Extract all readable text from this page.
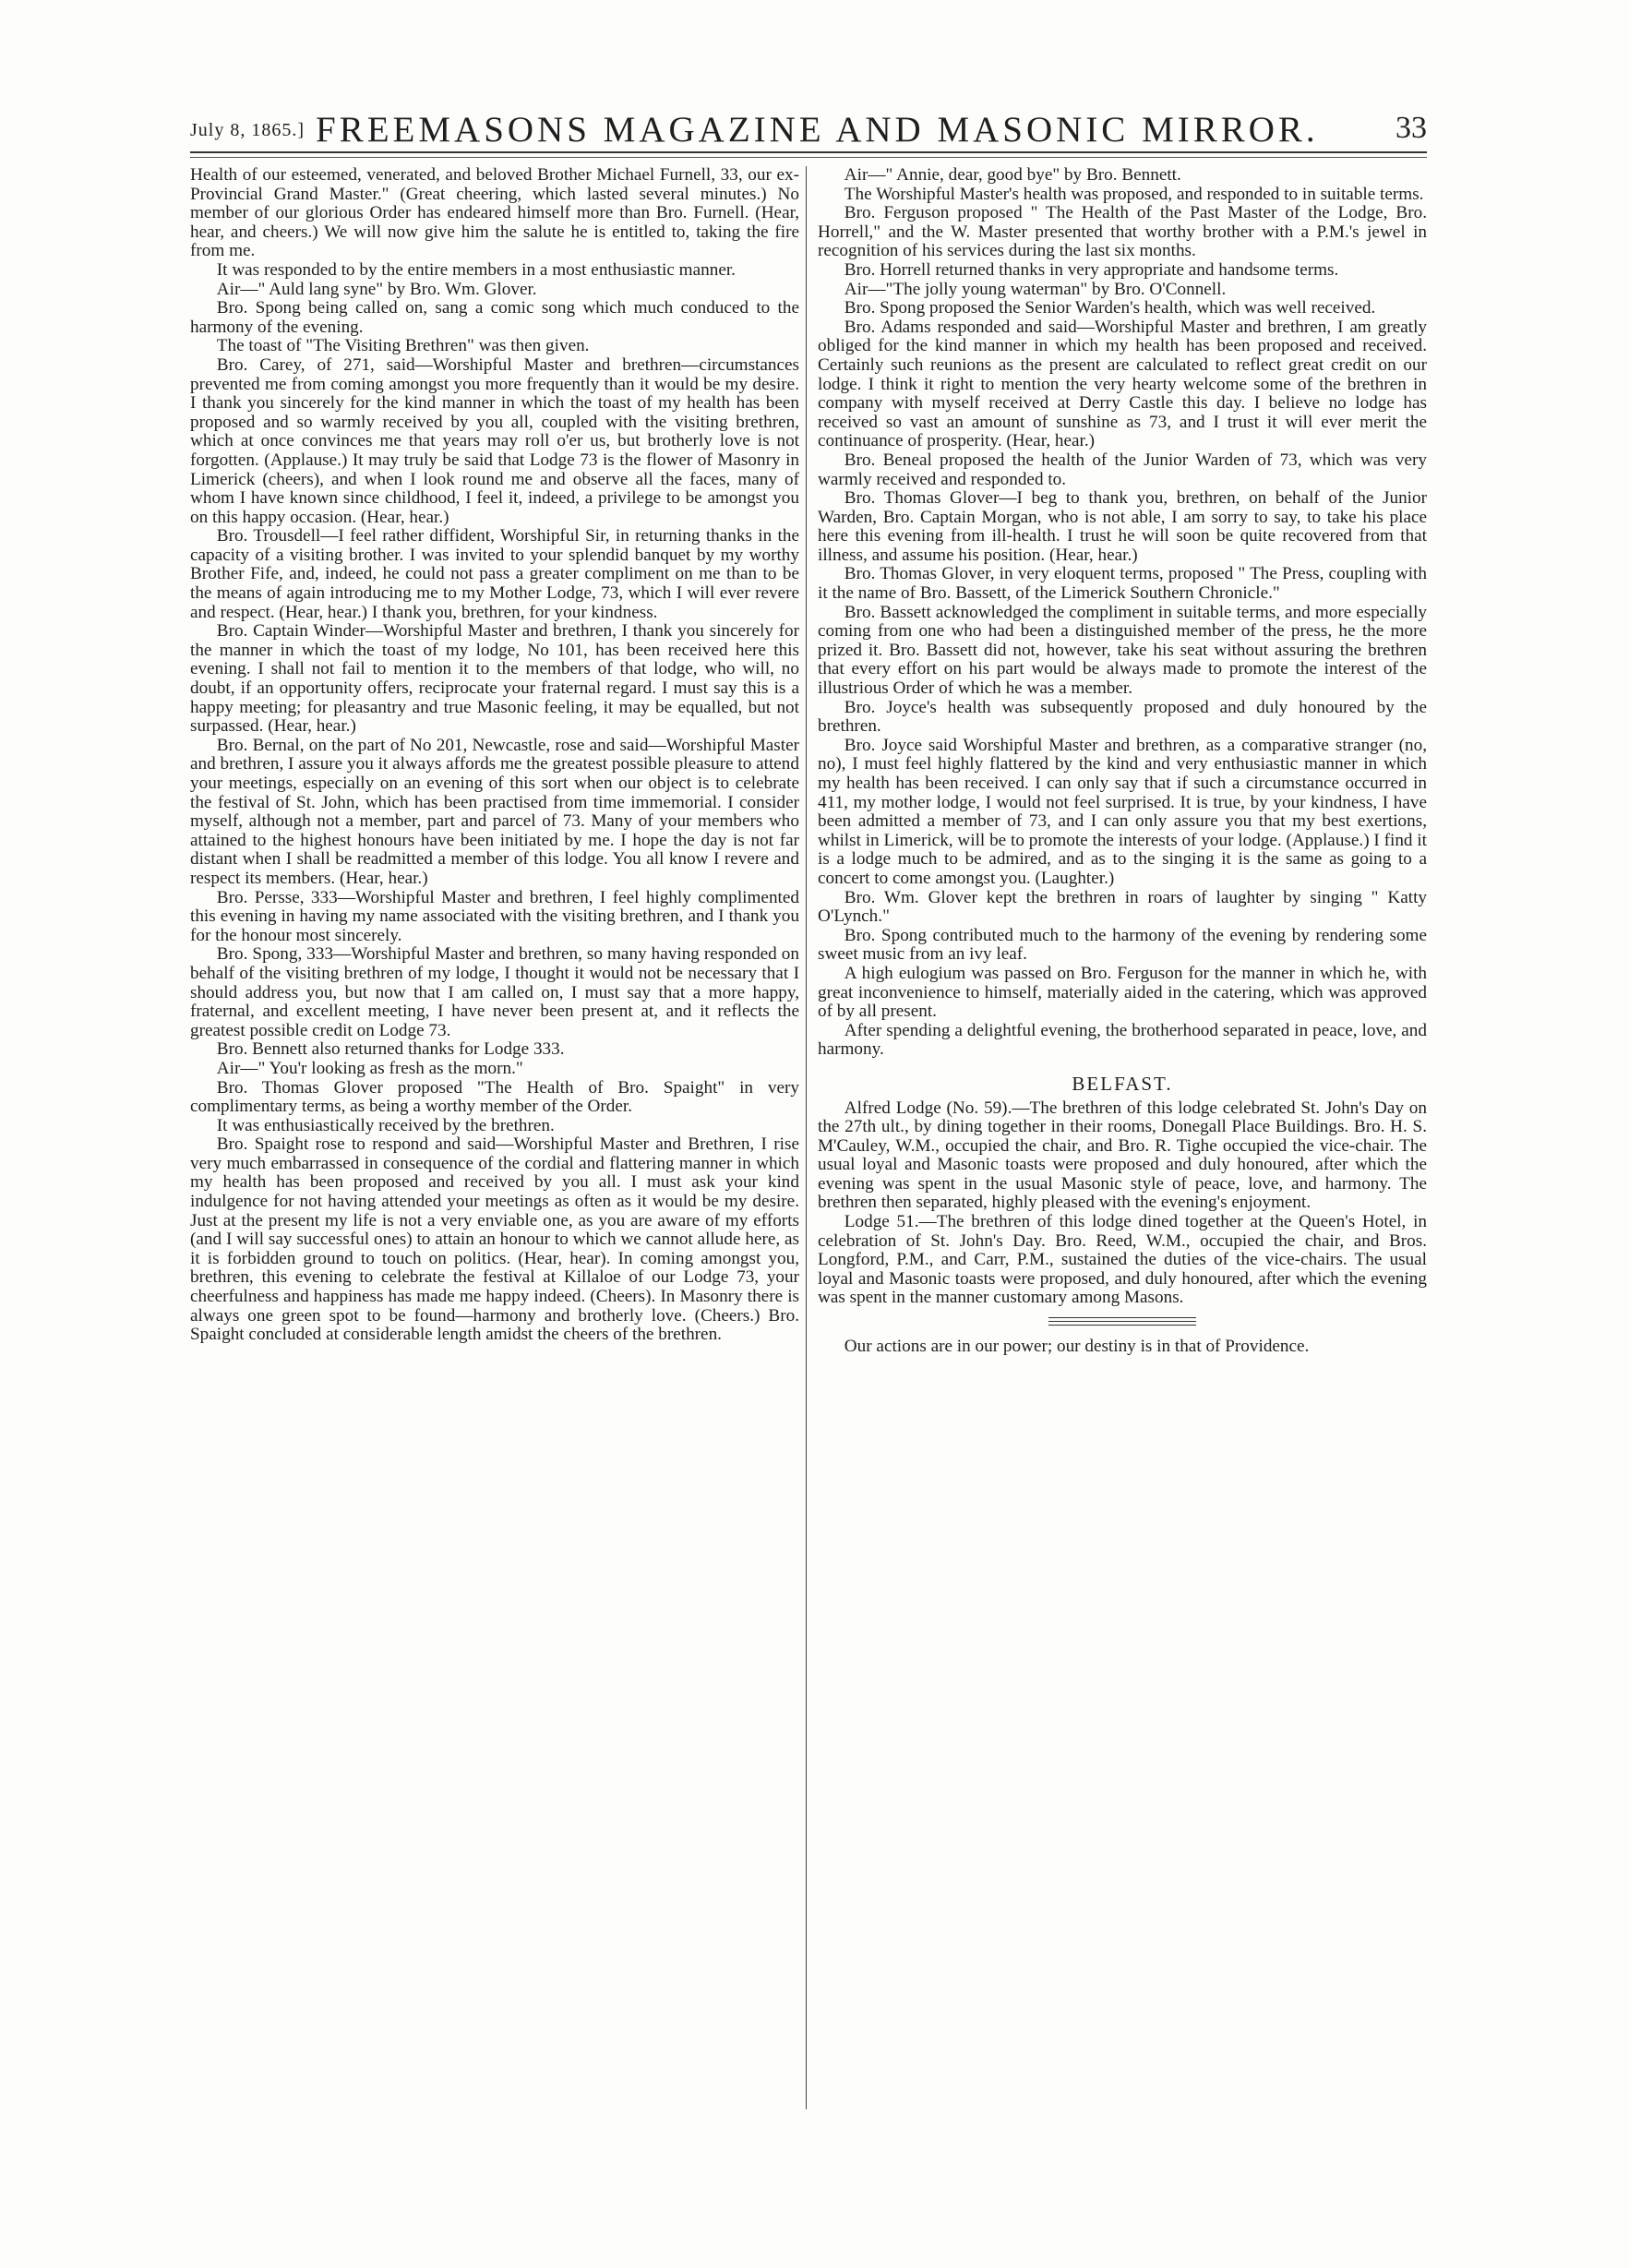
July 8, 1865.] FREEMASONS MAGAZINE AND MASONIC MIRROR. 33

Health of our esteemed, venerated, and beloved Brother Michael Furnell, 33, our ex-Provincial Grand Master." (Great cheering, which lasted several minutes.) No member of our glorious Order has endeared himself more than Bro. Furnell. (Hear, hear, and cheers.) We will now give him the salute he is entitled to, taking the fire from me.

It was responded to by the entire members in a most enthusiastic manner.

Air—" Auld lang syne" by Bro. Wm. Glover.

Bro. Spong being called on, sang a comic song which much conduced to the harmony of the evening.

The toast of "The Visiting Brethren" was then given.

Bro. Carey, of 271, said—Worshipful Master and brethren—circumstances prevented me from coming amongst you more frequently than it would be my desire. I thank you sincerely for the kind manner in which the toast of my health has been proposed and so warmly received by you all, coupled with the visiting brethren, which at once convinces me that years may roll o'er us, but brotherly love is not forgotten. (Applause.) It may truly be said that Lodge 73 is the flower of Masonry in Limerick (cheers), and when I look round me and observe all the faces, many of whom I have known since childhood, I feel it, indeed, a privilege to be amongst you on this happy occasion. (Hear, hear.)

Bro. Trousdell—I feel rather diffident, Worshipful Sir, in returning thanks in the capacity of a visiting brother. I was invited to your splendid banquet by my worthy Brother Fife, and, indeed, he could not pass a greater compliment on me than to be the means of again introducing me to my Mother Lodge, 73, which I will ever revere and respect. (Hear, hear.) I thank you, brethren, for your kindness.

Bro. Captain Winder—Worshipful Master and brethren, I thank you sincerely for the manner in which the toast of my lodge, No 101, has been received here this evening. I shall not fail to mention it to the members of that lodge, who will, no doubt, if an opportunity offers, reciprocate your fraternal regard. I must say this is a happy meeting; for pleasantry and true Masonic feeling, it may be equalled, but not surpassed. (Hear, hear.)

Bro. Bernal, on the part of No 201, Newcastle, rose and said—Worshipful Master and brethren, I assure you it always affords me the greatest possible pleasure to attend your meetings, especially on an evening of this sort when our object is to celebrate the festival of St. John, which has been practised from time immemorial. I consider myself, although not a member, part and parcel of 73. Many of your members who attained to the highest honours have been initiated by me. I hope the day is not far distant when I shall be readmitted a member of this lodge. You all know I revere and respect its members. (Hear, hear.)

Bro. Persse, 333—Worshipful Master and brethren, I feel highly complimented this evening in having my name associated with the visiting brethren, and I thank you for the honour most sincerely.

Bro. Spong, 333—Worshipful Master and brethren, so many having responded on behalf of the visiting brethren of my lodge, I thought it would not be necessary that I should address you, but now that I am called on, I must say that a more happy, fraternal, and excellent meeting, I have never been present at, and it reflects the greatest possible credit on Lodge 73.

Bro. Bennett also returned thanks for Lodge 333.

Air—" You'r looking as fresh as the morn."

Bro. Thomas Glover proposed "The Health of Bro. Spaight" in very complimentary terms, as being a worthy member of the Order.

It was enthusiastically received by the brethren.

Bro. Spaight rose to respond and said—Worshipful Master and Brethren, I rise very much embarrassed in consequence of the cordial and flattering manner in which my health has been proposed and received by you all. I must ask your kind indulgence for not having attended your meetings as often as it would be my desire. Just at the present my life is not a very enviable one, as you are aware of my efforts (and I will say successful ones) to attain an honour to which we cannot allude here, as it is forbidden ground to touch on politics. (Hear, hear). In coming amongst you, brethren, this evening to celebrate the festival at Killaloe of our Lodge 73, your cheerfulness and happiness has made me happy indeed. (Cheers). In Masonry there is always one green spot to be found—harmony and brotherly love. (Cheers.) Bro. Spaight concluded at considerable length amidst the cheers of the brethren.

Air—" Annie, dear, good bye" by Bro. Bennett.

The Worshipful Master's health was proposed, and responded to in suitable terms.

Bro. Ferguson proposed " The Health of the Past Master of the Lodge, Bro. Horrell," and the W. Master presented that worthy brother with a P.M.'s jewel in recognition of his services during the last six months.

Bro. Horrell returned thanks in very appropriate and handsome terms.

Air—"The jolly young waterman" by Bro. O'Connell.

Bro. Spong proposed the Senior Warden's health, which was well received.

Bro. Adams responded and said—Worshipful Master and brethren, I am greatly obliged for the kind manner in which my health has been proposed and received. Certainly such reunions as the present are calculated to reflect great credit on our lodge. I think it right to mention the very hearty welcome some of the brethren in company with myself received at Derry Castle this day. I believe no lodge has received so vast an amount of sunshine as 73, and I trust it will ever merit the continuance of prosperity. (Hear, hear.)

Bro. Beneal proposed the health of the Junior Warden of 73, which was very warmly received and responded to.

Bro. Thomas Glover—I beg to thank you, brethren, on behalf of the Junior Warden, Bro. Captain Morgan, who is not able, I am sorry to say, to take his place here this evening from ill-health. I trust he will soon be quite recovered from that illness, and assume his position. (Hear, hear.)

Bro. Thomas Glover, in very eloquent terms, proposed " The Press, coupling with it the name of Bro. Bassett, of the Limerick Southern Chronicle."

Bro. Bassett acknowledged the compliment in suitable terms, and more especially coming from one who had been a distinguished member of the press, he the more prized it. Bro. Bassett did not, however, take his seat without assuring the brethren that every effort on his part would be always made to promote the interest of the illustrious Order of which he was a member.

Bro. Joyce's health was subsequently proposed and duly honoured by the brethren.

Bro. Joyce said Worshipful Master and brethren, as a comparative stranger (no, no), I must feel highly flattered by the kind and very enthusiastic manner in which my health has been received. I can only say that if such a circumstance occurred in 411, my mother lodge, I would not feel surprised. It is true, by your kindness, I have been admitted a member of 73, and I can only assure you that my best exertions, whilst in Limerick, will be to promote the interests of your lodge. (Applause.) I find it is a lodge much to be admired, and as to the singing it is the same as going to a concert to come amongst you. (Laughter.)

Bro. Wm. Glover kept the brethren in roars of laughter by singing " Katty O'Lynch."

Bro. Spong contributed much to the harmony of the evening by rendering some sweet music from an ivy leaf.

A high eulogium was passed on Bro. Ferguson for the manner in which he, with great inconvenience to himself, materially aided in the catering, which was approved of by all present.

After spending a delightful evening, the brotherhood separated in peace, love, and harmony.

BELFAST.

Alfred Lodge (No. 59).—The brethren of this lodge celebrated St. John's Day on the 27th ult., by dining together in their rooms, Donegall Place Buildings. Bro. H. S. M'Cauley, W.M., occupied the chair, and Bro. R. Tighe occupied the vice-chair. The usual loyal and Masonic toasts were proposed and duly honoured, after which the evening was spent in the usual Masonic style of peace, love, and harmony. The brethren then separated, highly pleased with the evening's enjoyment.

Lodge 51.—The brethren of this lodge dined together at the Queen's Hotel, in celebration of St. John's Day. Bro. Reed, W.M., occupied the chair, and Bros. Longford, P.M., and Carr, P.M., sustained the duties of the vice-chairs. The usual loyal and Masonic toasts were proposed, and duly honoured, after which the evening was spent in the manner customary among Masons.

Our actions are in our power; our destiny is in that of Providence.
